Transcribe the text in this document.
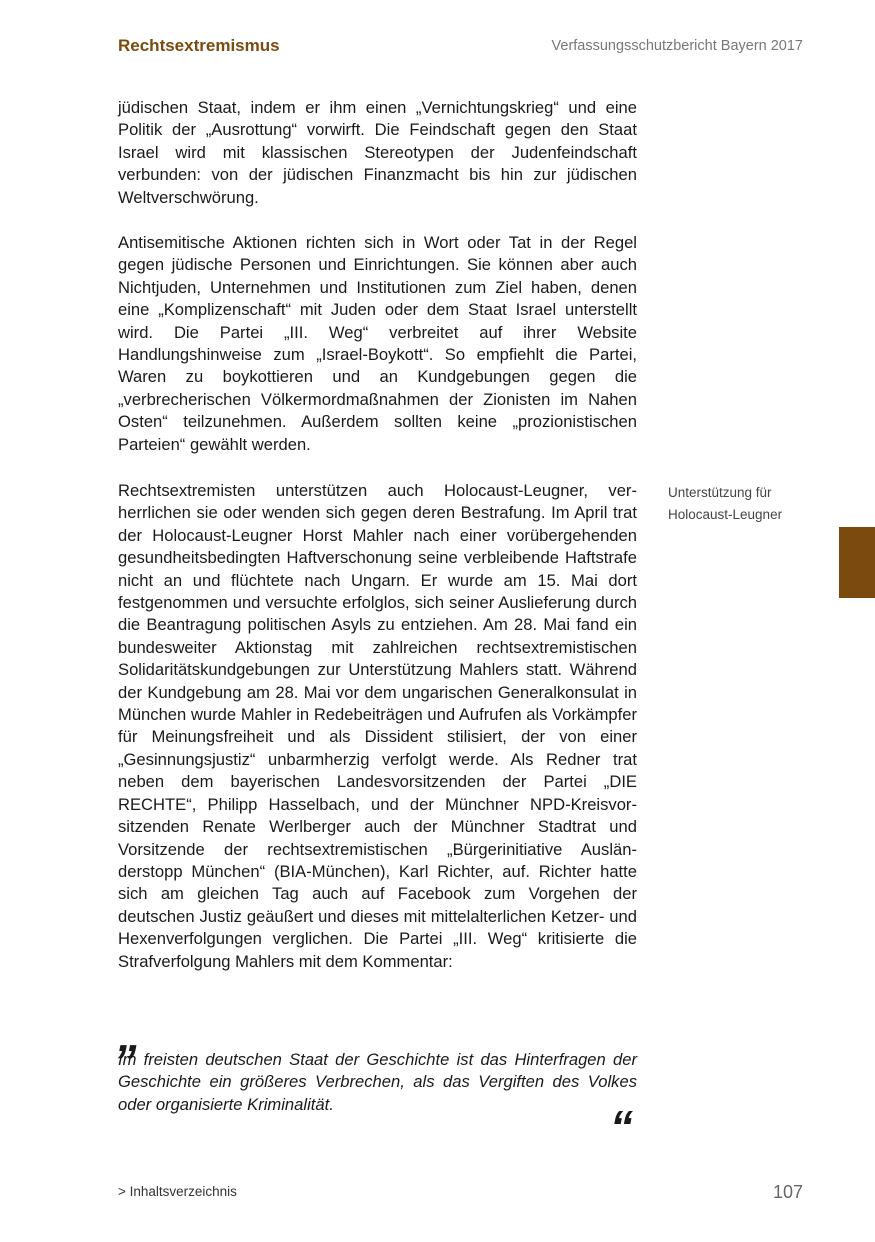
Rechtsextremismus	Verfassungsschutzbericht Bayern 2017

jüdischen Staat, indem er ihm einen „Vernichtungskrieg“ und eine Politik der „Ausrottung“ vorwirft. Die Feindschaft gegen den Staat Israel wird mit klassischen Stereotypen der Judenfeindschaft verbunden: von der jüdischen Finanzmacht bis hin zur jüdischen Weltverschwörung.

Antisemitische Aktionen richten sich in Wort oder Tat in der Regel gegen jüdische Personen und Einrichtungen. Sie können aber auch Nichtjuden, Unternehmen und Institutionen zum Ziel haben, denen eine „Komplizenschaft“ mit Juden oder dem Staat Israel unterstellt wird. Die Partei „III. Weg“ verbreitet auf ihrer Website Handlungshinweise zum „Israel-Boykott“. So empfiehlt die Partei, Waren zu boykottieren und an Kundgebungen gegen die „verbrecherischen Völkermordmaßnahmen der Zionisten im Nahen Osten“ teilzunehmen. Außerdem sollten keine „prozionistischen Parteien“ gewählt werden.

Rechtsextremisten unterstützen auch Holocaust-Leugner, verherrlichen sie oder wenden sich gegen deren Bestrafung. Im April trat der Holocaust-Leugner Horst Mahler nach einer vorübergehenden gesundheitsbedingten Haftverschonung seine verbleibende Haftstrafe nicht an und flüchtete nach Ungarn. Er wurde am 15. Mai dort festgenommen und versuchte erfolglos, sich seiner Auslieferung durch die Beantragung politischen Asyls zu entziehen. Am 28. Mai fand ein bundesweiter Aktionstag mit zahlreichen rechtsextremistischen Solidaritätskundgebungen zur Unterstützung Mahlers statt. Während der Kundgebung am 28. Mai vor dem ungarischen Generalkonsulat in München wurde Mahler in Redebeiträgen und Aufrufen als Vorkämpfer für Meinungsfreiheit und als Dissident stilisiert, der von einer „Gesinnungsjustiz“ unbarmherzig verfolgt werde. Als Redner trat neben dem bayerischen Landesvorsitzenden der Partei „DIE RECHTE“, Philipp Hasselbach, und der Münchner NPD-Kreisvorsitzenden Renate Werlberger auch der Münchner Stadtrat und Vorsitzende der rechtsextremistischen „Bürgerinitiative Ausländerstopp München“ (BIA-München), Karl Richter, auf. Richter hatte sich am gleichen Tag auch auf Facebook zum Vorgehen der deutschen Justiz geäußert und dieses mit mittelalterlichen Ketzer- und Hexenverfolgungen verglichen. Die Partei „III. Weg“ kritisierte die Strafverfolgung Mahlers mit dem Kommentar:

Unterstützung für Holocaust-Leugner
„
Im freisten deutschen Staat der Geschichte ist das Hinterfragen der Geschichte ein größeres Verbrechen, als das Vergiften des Volkes oder organisierte Kriminalität.	“
> Inhaltsverzeichnis	107
